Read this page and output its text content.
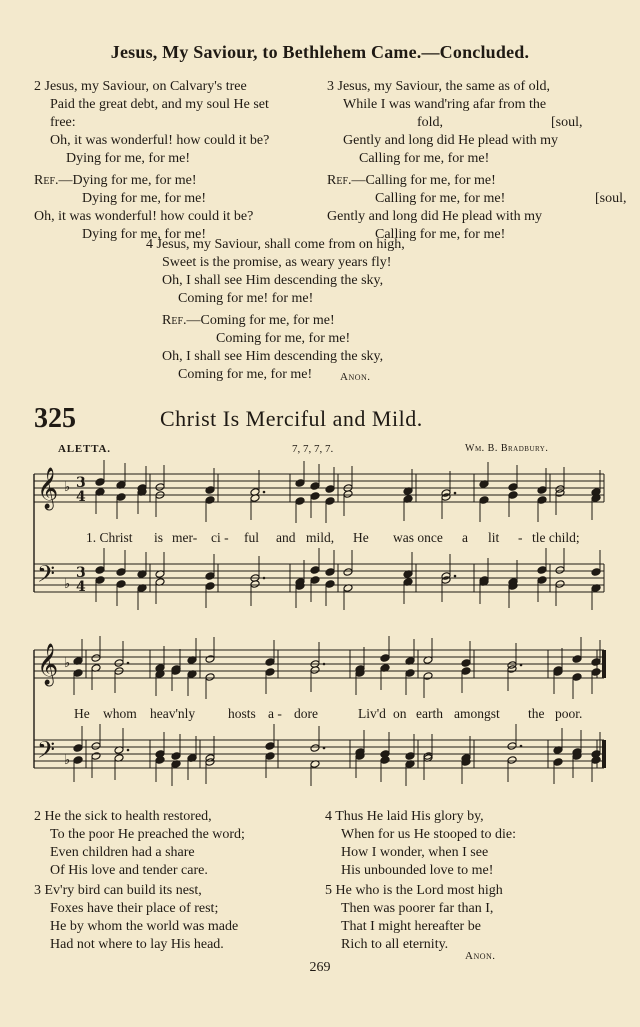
Jesus, My Saviour, to Bethlehem Came.—Concluded.
2 Jesus, my Saviour, on Calvary's tree
Paid the great debt, and my soul He set
free:
Oh, it was wonderful! how could it be?
Dying for me, for me!
Ref.—Dying for me, for me!
Dying for me, for me!
Oh, it was wonderful! how could it be?
Dying for me, for me!
3 Jesus, my Saviour, the same as of old,
While I was wand'ring afar from the
fold,	[soul,
Gently and long did He plead with my
Calling for me, for me!
Ref.—Calling for me, for me!
Calling for me, for me!	[soul,
Gently and long did He plead with my
Calling for me, for me!
4 Jesus, my Saviour, shall come from on high,
Sweet is the promise, as weary years fly!
Oh, I shall see Him descending the sky,
Coming for me! for me!
Ref.—Coming for me, for me!
Coming for me, for me!
Oh, I shall see Him descending the sky,
Coming for me, for me!	Anon.
325	Christ Is Merciful and Mild.
ALETTA.	7, 7, 7, 7.	Wm. B. Bradbury.
𝄞
𝄢
♭
♭
3
4
3
4
𝄞
𝄢
♭
♭
1. Christ is mer- ci - ful and mild, He was once a lit - tle child;
He whom heav'nly hosts a - dore	Liv'd on earth amongst the poor.
2 He the sick to health restored,
To the poor He preached the word;
Even children had a share
Of His love and tender care.
3 Ev'ry bird can build its nest,
Foxes have their place of rest;
He by whom the world was made
Had not where to lay His head.
4 Thus He laid His glory by,
When for us He stooped to die:
How I wonder, when I see
His unbounded love to me!
5 He who is the Lord most high
Then was poorer far than I,
That I might hereafter be
Rich to all eternity.
Anon.
269
